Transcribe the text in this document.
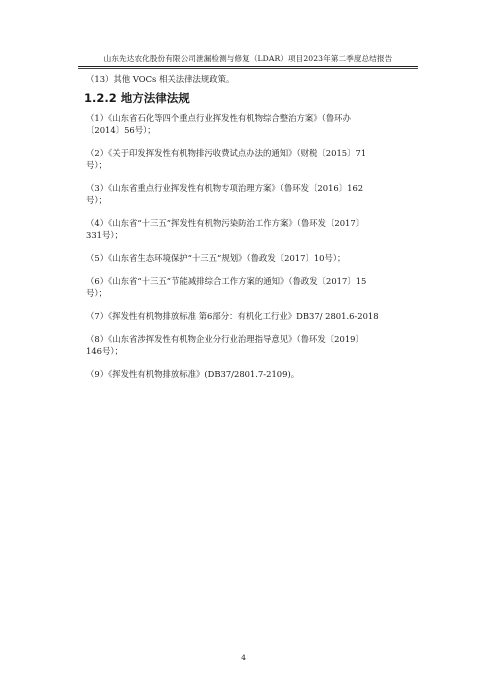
山东先达农化股份有限公司泄漏检测与修复（LDAR）项目2023年第二季度总结报告
（13）其他 VOCs 相关法律法规政策。
1.2.2 地方法律法规
（1）《山东省石化等四个重点行业挥发性有机物综合整治方案》（鲁环办
〔2014〕56号）；
（2）《关于印发挥发性有机物排污收费试点办法的通知》（财税〔2015〕71
号）；
（3）《山东省重点行业挥发性有机物专项治理方案》（鲁环发〔2016〕162
号）；
（4）《山东省“十三五”挥发性有机物污染防治工作方案》（鲁环发〔2017〕
331号）；
（5）《山东省生态环境保护“十三五”规划》（鲁政发〔2017〕10号）；
（6）《山东省“十三五”节能减排综合工作方案的通知》（鲁政发〔2017〕15
号）；
（7）《挥发性有机物排放标准 第6部分：有机化工行业》DB37/ 2801.6-2018
（8）《山东省涉挥发性有机物企业分行业治理指导意见》（鲁环发〔2019〕
146号）；
（9）《挥发性有机物排放标准》(DB37/2801.7-2109)。
4
